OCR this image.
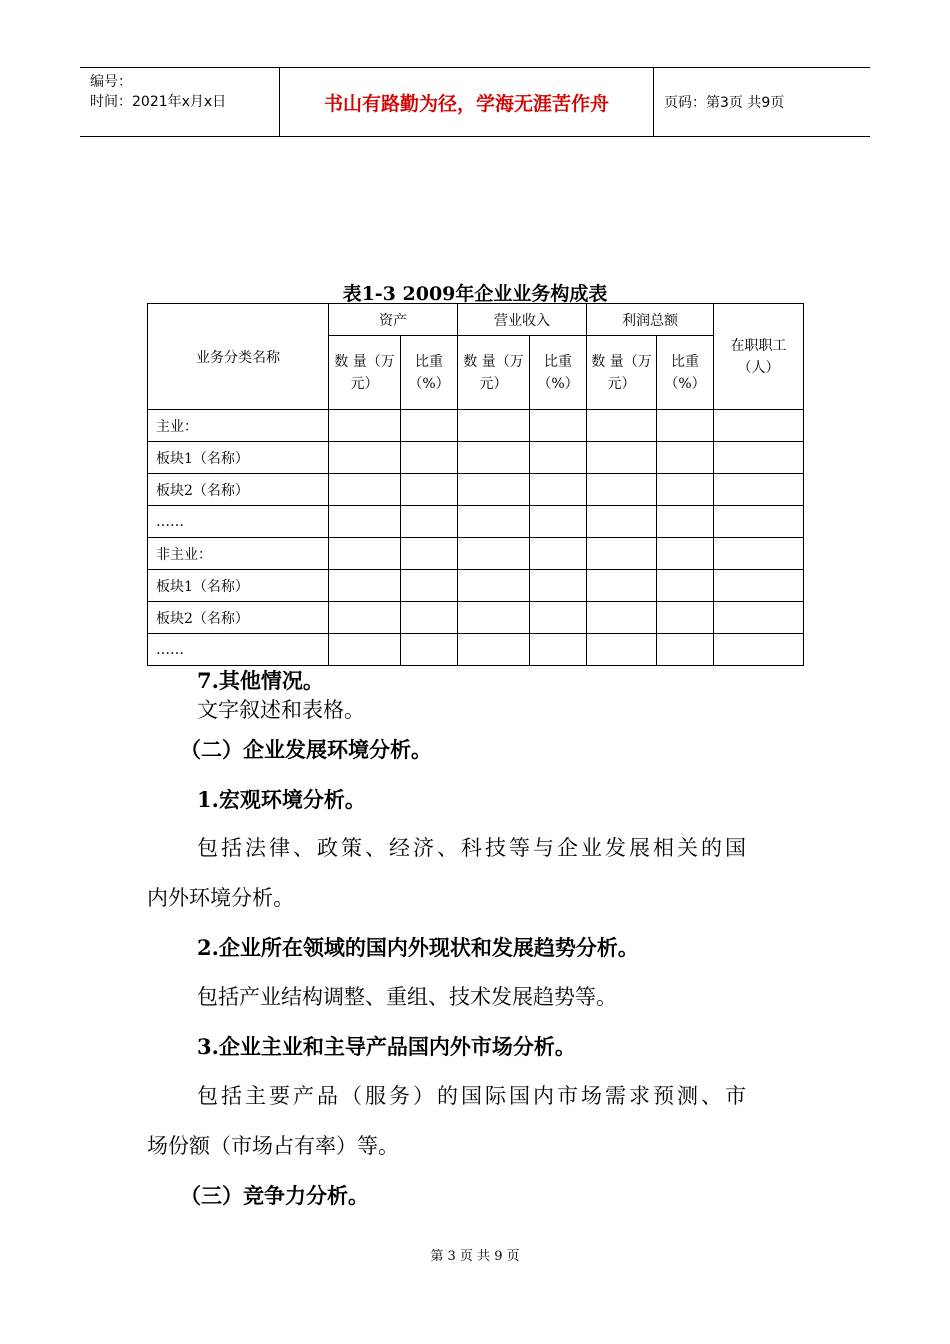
编号：
时间：2021年x月x日	书山有路勤为径，学海无涯苦作舟	页码：第3页 共9页
表1-3 2009年企业业务构成表
业务分类名称	资产		营业收入		利润总额		在职职工（人）
	数 量（万元）	比重（%）	数 量（万元）	比重（%）	数 量（万元）	比重（%）	
主业：							
板块1（名称）							
板块2（名称）							
……							
非主业：							
板块1（名称）							
板块2（名称）							
……							
7.其他情况。
文字叙述和表格。
（二）企业发展环境分析。
1.宏观环境分析。
包括法律、政策、经济、科技等与企业发展相关的国
内外环境分析。
2.企业所在领域的国内外现状和发展趋势分析。
包括产业结构调整、重组、技术发展趋势等。
3.企业主业和主导产品国内外市场分析。
包括主要产品（服务）的国际国内市场需求预测、市
场份额（市场占有率）等。
（三）竞争力分析。
第 3 页 共 9 页
